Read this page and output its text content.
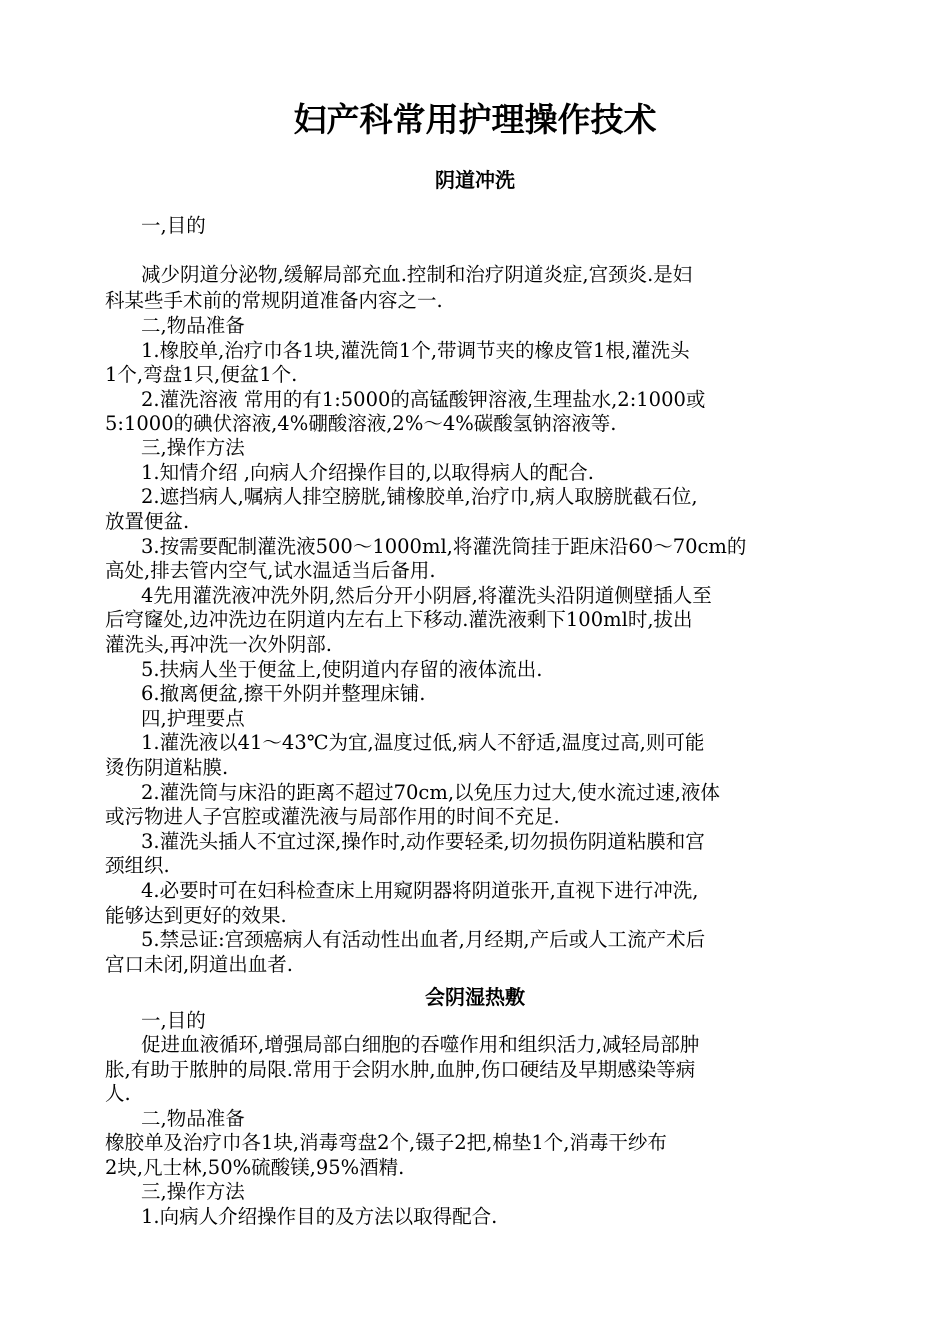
妇产科常用护理操作技术
阴道冲洗
一,目的
减少阴道分泌物,缓解局部充血.控制和治疗阴道炎症,宫颈炎.是妇
科某些手术前的常规阴道准备内容之一.
二,物品准备
1.橡胶单,治疗巾各1块,灌洗筒1个,带调节夹的橡皮管1根,灌洗头
1个,弯盘1只,便盆1个.
2.灌洗溶液 常用的有1:5000的高锰酸钾溶液,生理盐水,2:1000或
5:1000的碘伏溶液,4%硼酸溶液,2%～4%碳酸氢钠溶液等.
三,操作方法
1.知情介绍 ,向病人介绍操作目的,以取得病人的配合.
2.遮挡病人,嘱病人排空膀胱,铺橡胶单,治疗巾,病人取膀胱截石位,
放置便盆.
3.按需要配制灌洗液500～1000ml,将灌洗筒挂于距床沿60～70cm的
高处,排去管内空气,试水温适当后备用.
4先用灌洗液冲洗外阴,然后分开小阴唇,将灌洗头沿阴道侧壁插人至
后穹窿处,边冲洗边在阴道内左右上下移动.灌洗液剩下100ml时,拔出
灌洗头,再冲洗一次外阴部.
5.扶病人坐于便盆上,使阴道内存留的液体流出.
6.撤离便盆,擦干外阴并整理床铺.
四,护理要点
1.灌洗液以41～43℃为宜,温度过低,病人不舒适,温度过高,则可能
烫伤阴道粘膜.
2.灌洗筒与床沿的距离不超过70cm,以免压力过大,使水流过速,液体
或污物进人子宫腔或灌洗液与局部作用的时间不充足.
3.灌洗头插人不宜过深,操作时,动作要轻柔,切勿损伤阴道粘膜和宫
颈组织.
4.必要时可在妇科检查床上用窥阴器将阴道张开,直视下进行冲洗,
能够达到更好的效果.
5.禁忌证:宫颈癌病人有活动性出血者,月经期,产后或人工流产术后
宫口未闭,阴道出血者.
会阴湿热敷
一,目的
促进血液循环,增强局部白细胞的吞噬作用和组织活力,减轻局部肿
胀,有助于脓肿的局限.常用于会阴水肿,血肿,伤口硬结及早期感染等病
人.
二,物品准备
橡胶单及治疗巾各1块,消毒弯盘2个,镊子2把,棉垫1个,消毒干纱布
2块,凡士林,50%硫酸镁,95%酒精.
三,操作方法
1.向病人介绍操作目的及方法以取得配合.
